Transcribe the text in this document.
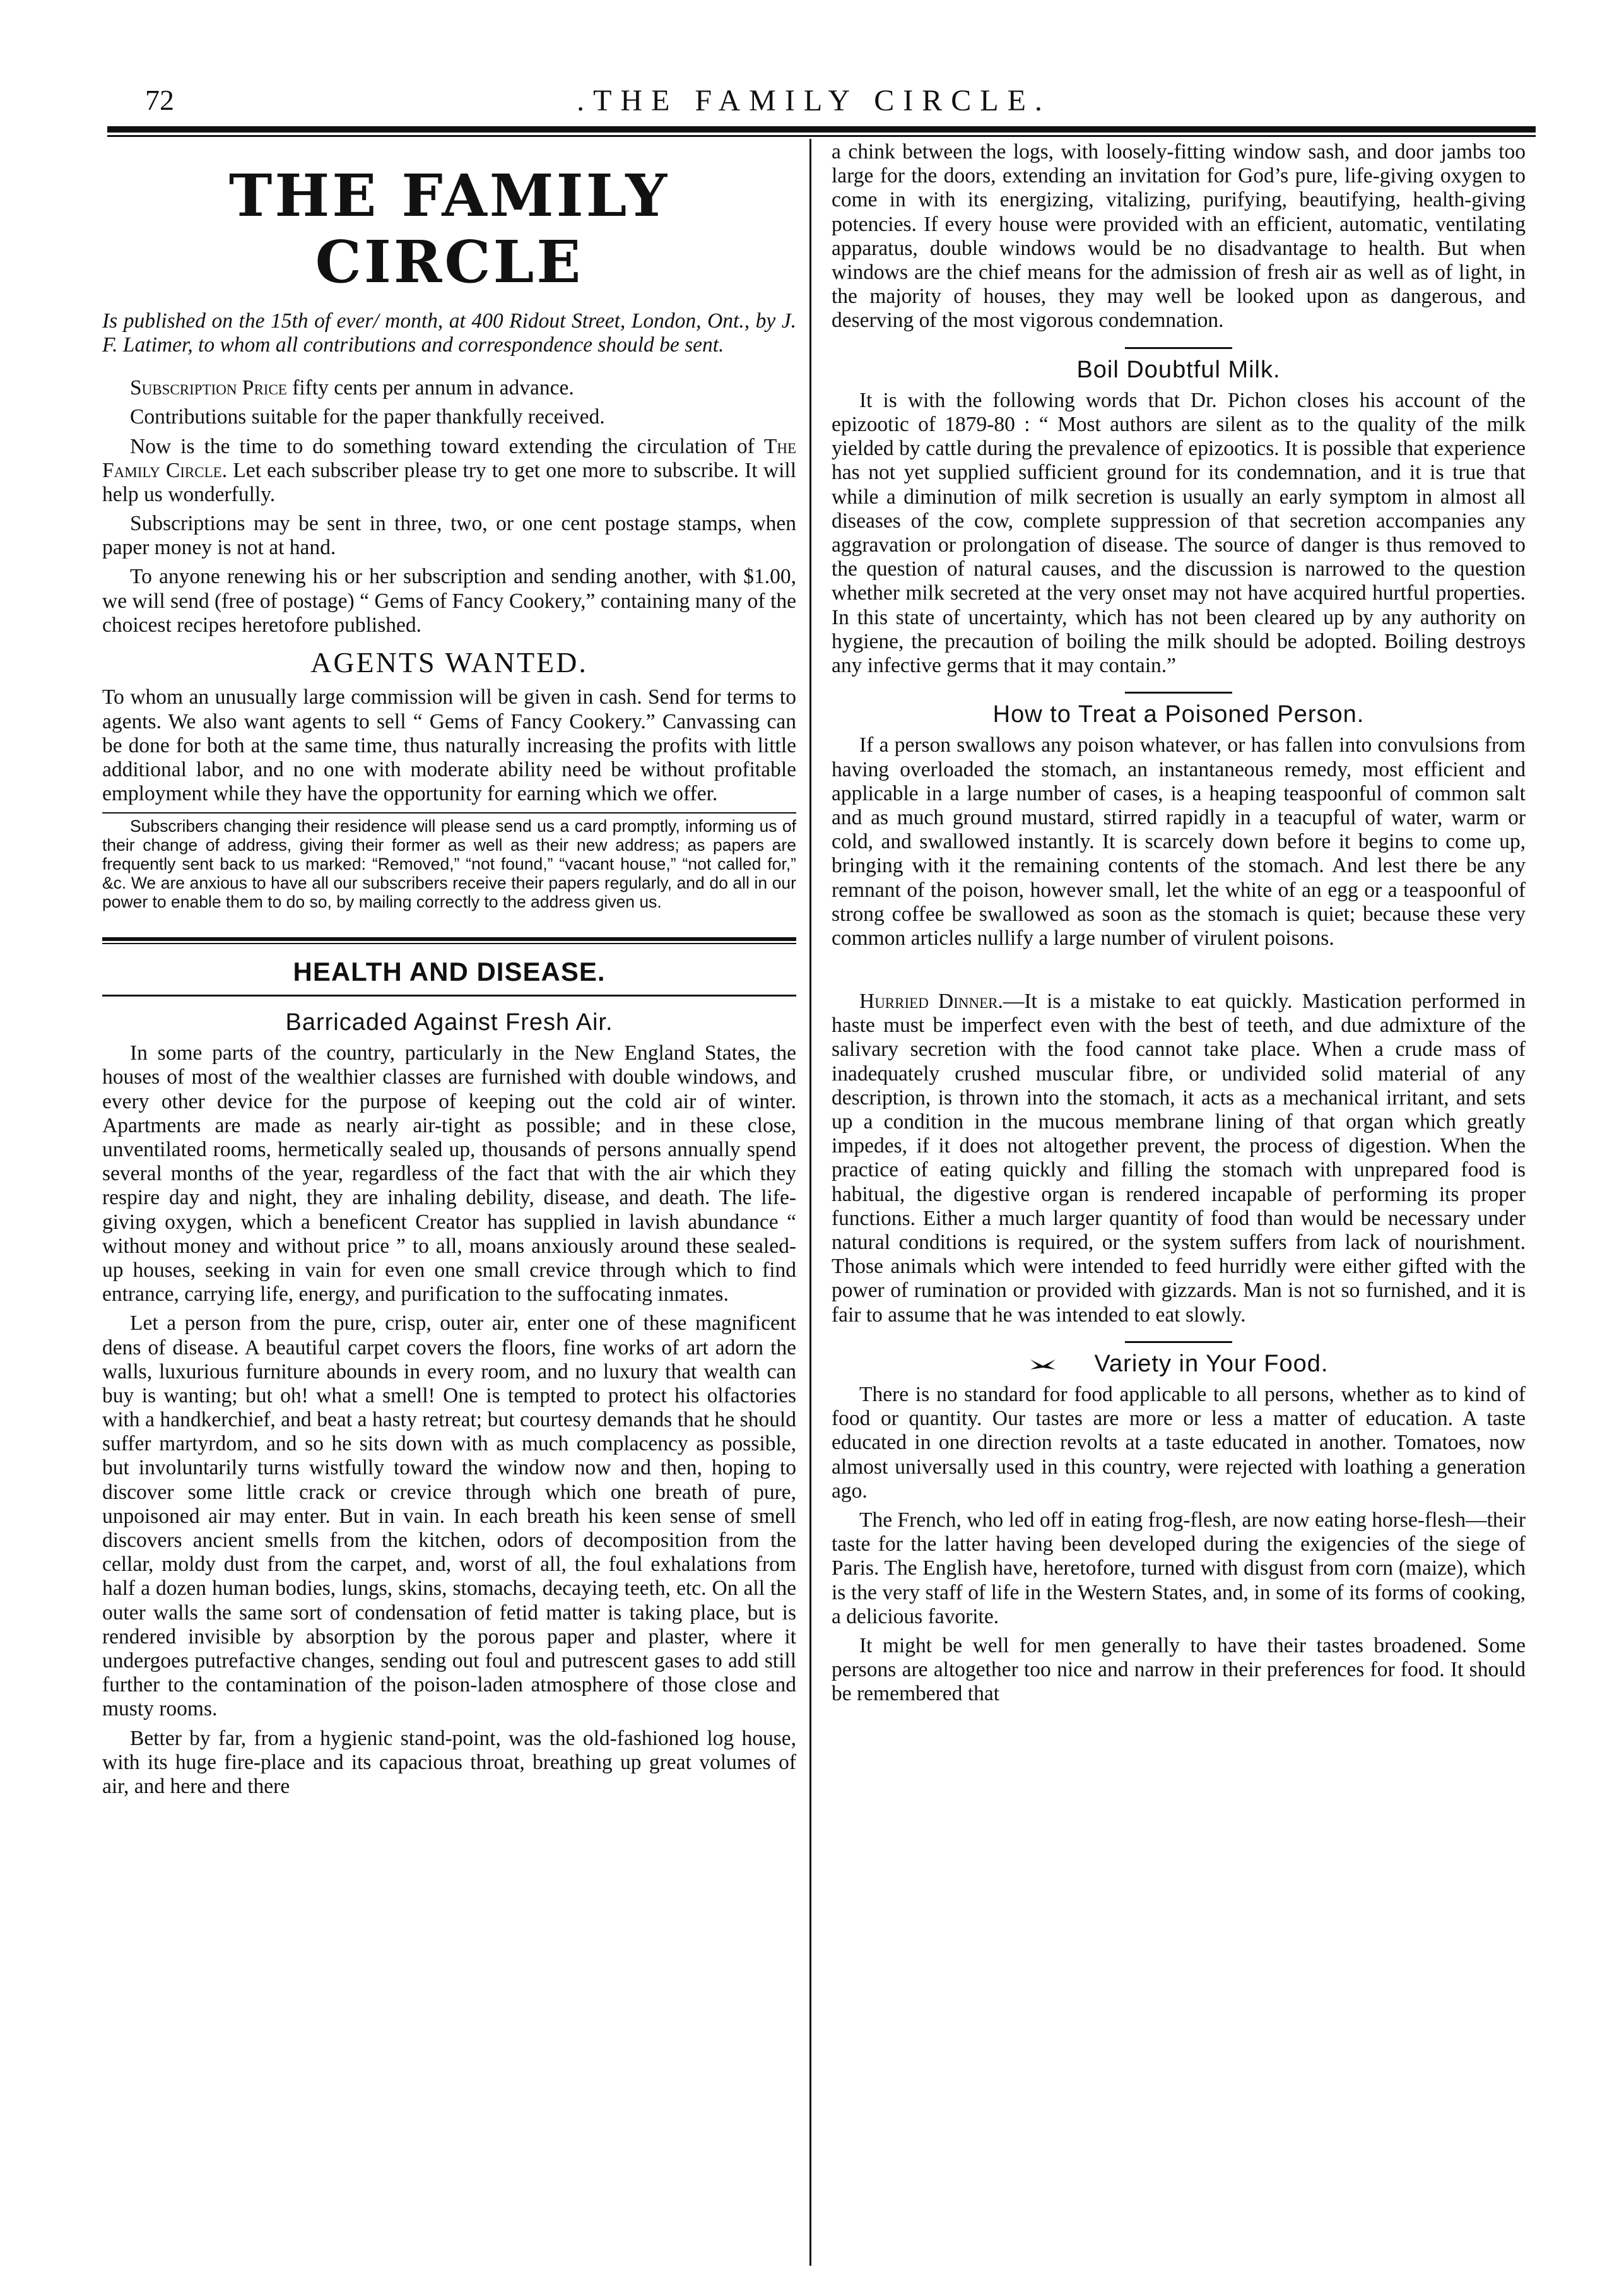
72	.THE FAMILY CIRCLE.
THE FAMILY CIRCLE

Is published on the 15th of ever/ month, at 400 Ridout Street, London, Ont., by J. F. Latimer, to whom all contributions and correspondence should be sent.

Subscription Price fifty cents per annum in advance.

Contributions suitable for the paper thankfully received.

Now is the time to do something toward extending the circulation of The Family Circle. Let each subscriber please try to get one more to subscribe. It will help us wonderfully.

Subscriptions may be sent in three, two, or one cent postage stamps, when paper money is not at hand.

To anyone renewing his or her subscription and sending another, with $1.00, we will send (free of postage) “ Gems of Fancy Cookery,” containing many of the choicest recipes heretofore published.

AGENTS WANTED.

To whom an unusually large commission will be given in cash. Send for terms to agents. We also want agents to sell “ Gems of Fancy Cookery.” Canvassing can be done for both at the same time, thus naturally increasing the profits with little additional labor, and no one with moderate ability need be without profitable employment while they have the opportunity for earning which we offer.

Subscribers changing their residence will please send us a card promptly, informing us of their change of address, giving their former as well as their new address; as papers are frequently sent back to us marked: “Removed,” “not found,” “vacant house,” “not called for,” &c. We are anxious to have all our subscribers receive their papers regularly, and do all in our power to enable them to do so, by mailing correctly to the address given us.

HEALTH AND DISEASE.
Barricaded Against Fresh Air.

In some parts of the country, particularly in the New England States, the houses of most of the wealthier classes are furnished with double windows, and every other device for the purpose of keeping out the cold air of winter. Apartments are made as nearly air-tight as possible; and in these close, unventilated rooms, hermetically sealed up, thousands of persons annually spend several months of the year, regardless of the fact that with the air which they respire day and night, they are inhaling debility, disease, and death. The life-giving oxygen, which a beneficent Creator has supplied in lavish abundance “ without money and without price ” to all, moans anxiously around these sealed-up houses, seeking in vain for even one small crevice through which to find entrance, carrying life, energy, and purification to the suffocating inmates.

Let a person from the pure, crisp, outer air, enter one of these magnificent dens of disease. A beautiful carpet covers the floors, fine works of art adorn the walls, luxurious furniture abounds in every room, and no luxury that wealth can buy is wanting; but oh! what a smell! One is tempted to protect his olfactories with a handkerchief, and beat a hasty retreat; but courtesy demands that he should suffer martyrdom, and so he sits down with as much complacency as possible, but involuntarily turns wistfully toward the window now and then, hoping to discover some little crack or crevice through which one breath of pure, unpoisoned air may enter. But in vain. In each breath his keen sense of smell discovers ancient smells from the kitchen, odors of decomposition from the cellar, moldy dust from the carpet, and, worst of all, the foul exhalations from half a dozen human bodies, lungs, skins, stomachs, decaying teeth, etc. On all the outer walls the same sort of condensation of fetid matter is taking place, but is rendered invisible by absorption by the porous paper and plaster, where it undergoes putrefactive changes, sending out foul and putrescent gases to add still further to the contamination of the poison-laden atmosphere of those close and musty rooms.

Better by far, from a hygienic stand-point, was the old-fashioned log house, with its huge fire-place and its capacious throat, breathing up great volumes of air, and here and there

a chink between the logs, with loosely-fitting window sash, and door jambs too large for the doors, extending an invitation for God’s pure, life-giving oxygen to come in with its energizing, vitalizing, purifying, beautifying, health-giving potencies. If every house were provided with an efficient, automatic, ventilating apparatus, double windows would be no disadvantage to health. But when windows are the chief means for the admission of fresh air as well as of light, in the majority of houses, they may well be looked upon as dangerous, and deserving of the most vigorous condemnation.

Boil Doubtful Milk.

It is with the following words that Dr. Pichon closes his account of the epizootic of 1879-80 : “ Most authors are silent as to the quality of the milk yielded by cattle during the prevalence of epizootics. It is possible that experience has not yet supplied sufficient ground for its condemnation, and it is true that while a diminution of milk secretion is usually an early symptom in almost all diseases of the cow, complete suppression of that secretion accompanies any aggravation or prolongation of disease. The source of danger is thus removed to the question of natural causes, and the discussion is narrowed to the question whether milk secreted at the very onset may not have acquired hurtful properties. In this state of uncertainty, which has not been cleared up by any authority on hygiene, the precaution of boiling the milk should be adopted. Boiling destroys any infective germs that it may contain.”

How to Treat a Poisoned Person.

If a person swallows any poison whatever, or has fallen into convulsions from having overloaded the stomach, an instantaneous remedy, most efficient and applicable in a large number of cases, is a heaping teaspoonful of common salt and as much ground mustard, stirred rapidly in a teacupful of water, warm or cold, and swallowed instantly. It is scarcely down before it begins to come up, bringing with it the remaining contents of the stomach. And lest there be any remnant of the poison, however small, let the white of an egg or a teaspoonful of strong coffee be swallowed as soon as the stomach is quiet; because these very common articles nullify a large number of virulent poisons.

Hurried Dinner.—It is a mistake to eat quickly. Mastication performed in haste must be imperfect even with the best of teeth, and due admixture of the salivary secretion with the food cannot take place. When a crude mass of inadequately crushed muscular fibre, or undivided solid material of any description, is thrown into the stomach, it acts as a mechanical irritant, and sets up a condition in the mucous membrane lining of that organ which greatly impedes, if it does not altogether prevent, the process of digestion. When the practice of eating quickly and filling the stomach with unprepared food is habitual, the digestive organ is rendered incapable of performing its proper functions. Either a much larger quantity of food than would be necessary under natural conditions is required, or the system suffers from lack of nourishment. Those animals which were intended to feed hurridly were either gifted with the power of rumination or provided with gizzards. Man is not so furnished, and it is fair to assume that he was intended to eat slowly.

Variety in Your Food.

There is no standard for food applicable to all persons, whether as to kind of food or quantity. Our tastes are more or less a matter of education. A taste educated in one direction revolts at a taste educated in another. Tomatoes, now almost universally used in this country, were rejected with loathing a generation ago.

The French, who led off in eating frog-flesh, are now eating horse-flesh—their taste for the latter having been developed during the exigencies of the siege of Paris. The English have, heretofore, turned with disgust from corn (maize), which is the very staff of life in the Western States, and, in some of its forms of cooking, a delicious favorite.

It might be well for men generally to have their tastes broadened. Some persons are altogether too nice and narrow in their preferences for food. It should be remembered that
